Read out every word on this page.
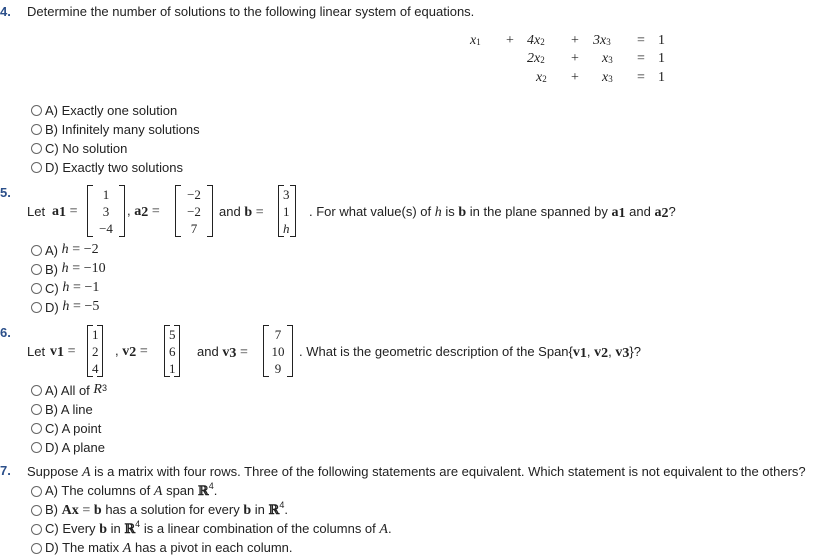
4. Determine the number of solutions to the following linear system of equations.
$x_1 + 4x_2 + 3x_3 = 1$
$2x_2 + x_3 = 1$
$x_2 + x_3 = 1$
A) Exactly one solution
B) Infinitely many solutions
C) No solution
D) Exactly two solutions
5.
Let $a_1$ =
1
3
−4
, $a_2$ =
−2
−2
7
and b =
3
1
h
. For what value(s) of h is b in the plane spanned by $a_1$ and $a_2$?
A)
h
=
−2
B)
h
=
−10
C)
h
=
−1
D)
h
=
−5
6.
Let $v_1$ =
1
2
4
, $v_2$ =
5
6
1
and $v_3$ =
7
10
9
. What is the geometric description of the $Span\{v_1$, $v_2$, $v_3$}?
A) All of
$R^3$
B) A line
C) A point
D) A plane
7. Suppose A is a matrix with four rows. Three of the following statements are equivalent. Which statement is not equivalent to the others?
A) The columns of A span ℝ$^4$.
B) Ax = b has a solution for every b in ℝ$^4$.
C) Every b in ℝ$^4$ is a linear combination of the columns of A.
D) The matix A has a pivot in each column.
